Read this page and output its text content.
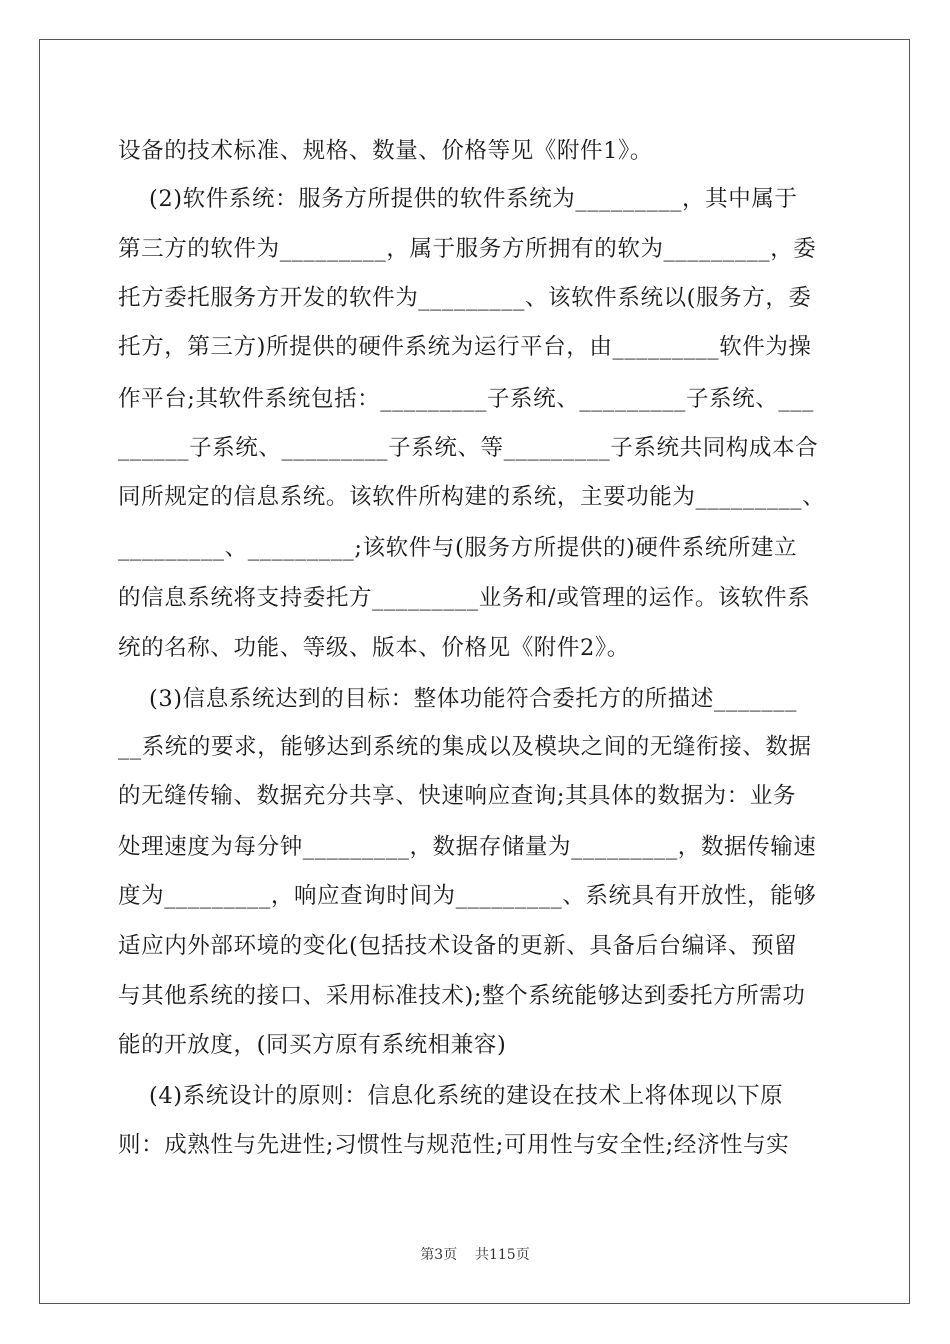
设备的技术标准、规格、数量、价格等见《附件1》。
(2)软件系统：服务方所提供的软件系统为_________，其中属于
第三方的软件为_________，属于服务方所拥有的软为_________，委
托方委托服务方开发的软件为_________、该软件系统以(服务方，委
托方，第三方)所提供的硬件系统为运行平台，由_________软件为操
作平台;其软件系统包括：_________子系统、_________子系统、___
______子系统、_________子系统、等_________子系统共同构成本合
同所规定的信息系统。该软件所构建的系统，主要功能为_________、
_________、_________;该软件与(服务方所提供的)硬件系统所建立
的信息系统将支持委托方_________业务和/或管理的运作。该软件系
统的名称、功能、等级、版本、价格见《附件2》。
(3)信息系统达到的目标：整体功能符合委托方的所描述_______
__系统的要求，能够达到系统的集成以及模块之间的无缝衔接、数据
的无缝传输、数据充分共享、快速响应查询;其具体的数据为：业务
处理速度为每分钟_________，数据存储量为_________，数据传输速
度为_________，响应查询时间为_________、系统具有开放性，能够
适应内外部环境的变化(包括技术设备的更新、具备后台编译、预留
与其他系统的接口、采用标准技术);整个系统能够达到委托方所需功
能的开放度，(同买方原有系统相兼容)
(4)系统设计的原则：信息化系统的建设在技术上将体现以下原
则：成熟性与先进性;习惯性与规范性;可用性与安全性;经济性与实
第3页    共115页
